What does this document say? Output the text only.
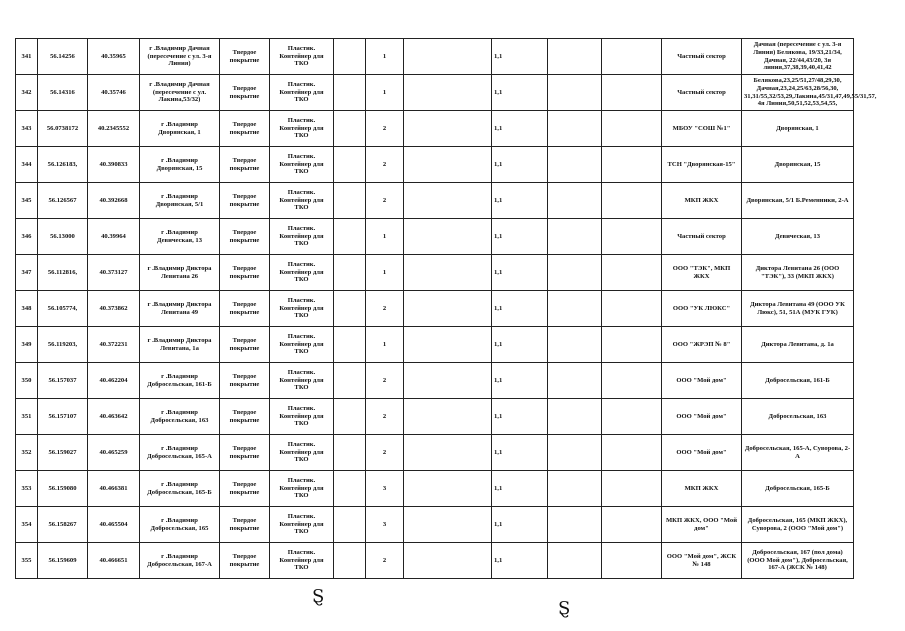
341	56.14256	40.35965	г .Владимир Дачная (пересечение с ул. 3-я Линия)	Твердое покрытие	Пластик. Контейнер для ТКО		1		1,1			Частный сектор	Дачная (пересечение с ул. 3-я Линия) Белякова, 19/33,21/34, Дачная, 22/44,43/20, 3я линия,37,38,39,40,41,42
342	56.14316	40.35746	г .Владимир Дачная (пересечение с ул. Лакина,53/32)	Твердое покрытие	Пластик. Контейнер для ТКО		1		1,1			Частный сектор	Белякова,23,25/51,27/48,29,30, Дачная,23,24,25/63,28/56,30, 31,31/55,32/53,29,Лакина,45/31,47,49,55/31,57, 4я Линия,50,51,52,53,54,55,
343	56.0738172	40.2345552	г .Владимир Дворянская, 1	Твердое покрытие	Пластик. Контейнер для ТКО		2		1,1			МБОУ "СОШ №1"	Дворянская, 1
344	56.126183,	40.390833	г .Владимир Дворянская, 15	Твердое покрытие	Пластик. Контейнер для ТКО		2		1,1			ТСН "Дворянская-15"	Дворянская, 15
345	56.126567	40.392668	г .Владимир Дворянская, 5/1	Твердое покрытие	Пластик. Контейнер для ТКО		2		1,1			МКП ЖКХ	Дворянская, 5/1 Б.Ременники, 2-А
346	56.13000	40.39964	г .Владимир Девическая, 13	Твердое покрытие	Пластик. Контейнер для ТКО		1		1,1			Частный сектор	Девическая, 13
347	56.112816,	40.373127	г .Владимир Диктора Левитана 26	Твердое покрытие	Пластик. Контейнер для ТКО		1		1,1			ООО "ТЭК", МКП ЖКХ	Диктора Левитана 26 (ООО "ТЭК"), 33 (МКП ЖКХ)
348	56.105774,	40.373862	г .Владимир Диктора Левитана 49	Твердое покрытие	Пластик. Контейнер для ТКО		2		1,1			ООО "УК ЛЮКС"	Диктора Левитана 49 (ООО УК Люкс), 51, 51А (МУК ГУК)
349	56.119203,	40.372231	г .Владимир Диктора Левитана, 1а	Твердое покрытие	Пластик. Контейнер для ТКО		1		1,1			ООО "ЖРЭП № 8"	Диктора Левитана, д. 1а
350	56.157037	40.462204	г .Владимир Добросельская, 161-Б	Твердое покрытие	Пластик. Контейнер для ТКО		2		1,1			ООО "Мой дом"	Добросельская, 161-Б
351	56.157107	40.463642	г .Владимир Добросельская, 163	Твердое покрытие	Пластик. Контейнер для ТКО		2		1,1			ООО "Мой дом"	Добросельская, 163
352	56.159027	40.465259	г .Владимир Добросельская, 165-А	Твердое покрытие	Пластик. Контейнер для ТКО		2		1,1			ООО "Мой дом"	Добросельская, 165-А, Суворова, 2-А
353	56.159080	40.466381	г .Владимир Добросельская, 165-Б	Твердое покрытие	Пластик. Контейнер для ТКО		3		1,1			МКП ЖКХ	Добросельская, 165-Б
354	56.158267	40.465504	г .Владимир Добросельская, 165	Твердое покрытие	Пластик. Контейнер для ТКО		3		1,1			МКП ЖКХ, ООО "Мой дом"	Добросельская, 165 (МКП ЖКХ), Суворова, 2 (ООО "Мой дом")
355	56.159609	40.466651	г .Владимир Добросельская, 167-А	Твердое покрытие	Пластик. Контейнер для ТКО		2		1,1			ООО "Мой дом", ЖСК № 148	Добросельская, 167 (пол дома) (ООО Мой дом"), Добросельская, 167-А (ЖСК № 148)
Ȿ
Ȿ
